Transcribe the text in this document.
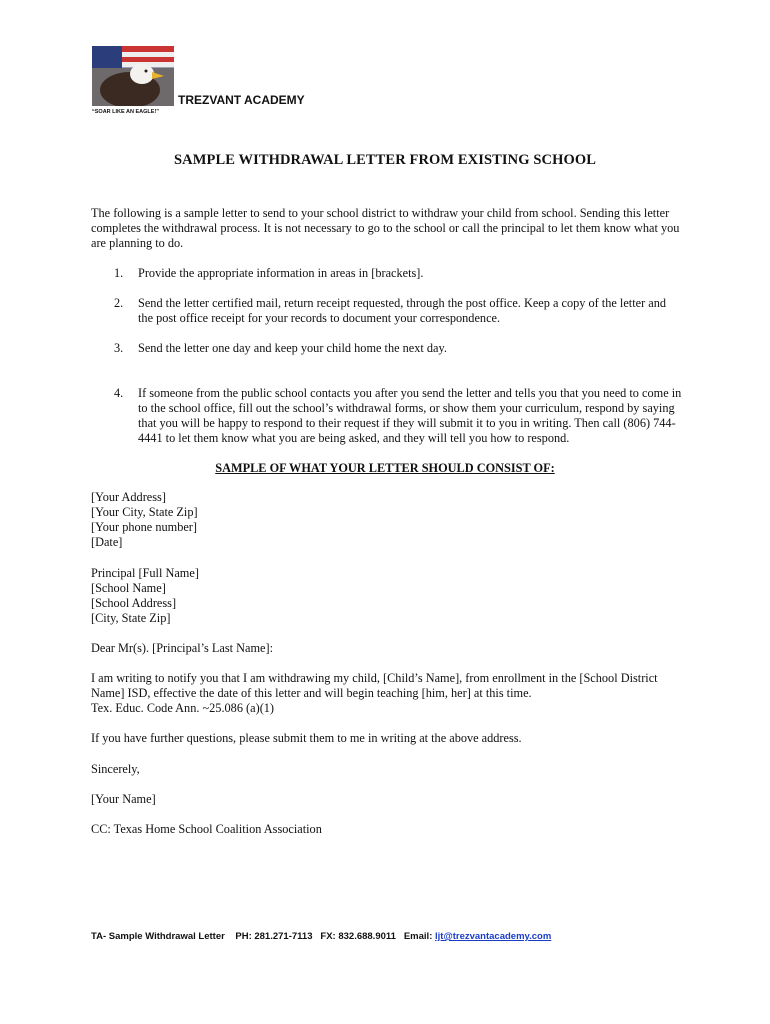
TREZVANT ACADEMY
“SOAR LIKE AN EAGLE!”
SAMPLE WITHDRAWAL LETTER FROM EXISTING SCHOOL
The following is a sample letter to send to your school district to withdraw your child from school. Sending this letter completes the withdrawal process. It is not necessary to go to the school or call the principal to let them know what you are planning to do.
1.	Provide the appropriate information in areas in [brackets].
2.	Send the letter certified mail, return receipt requested, through the post office. Keep a copy of the letter and the post office receipt for your records to document your correspondence.
3.	Send the letter one day and keep your child home the next day.
4.	If someone from the public school contacts you after you send the letter and tells you that you need to come in to the school office, fill out the school’s withdrawal forms, or show them your curriculum, respond by saying that you will be happy to respond to their request if they will submit it to you in writing. Then call (806) 744-4441 to let them know what you are being asked, and they will tell you how to respond.
SAMPLE OF WHAT YOUR LETTER SHOULD CONSIST OF:
[Your Address]
[Your City, State Zip]
[Your phone number]
[Date]
Principal [Full Name]
[School Name]
[School Address]
[City, State Zip]
Dear Mr(s). [Principal’s Last Name]:
I am writing to notify you that I am withdrawing my child, [Child’s Name], from enrollment in the [School District Name] ISD, effective the date of this letter and will begin teaching [him, her] at this time.
Tex. Educ. Code Ann. ~25.086 (a)(1)
If you have further questions, please submit them to me in writing at the above address.
Sincerely,
[Your Name]
CC: Texas Home School Coalition Association
TA- Sample Withdrawal Letter    PH: 281.271-7113   FX: 832.688.9011   Email: ljt@trezvantacademy.com
